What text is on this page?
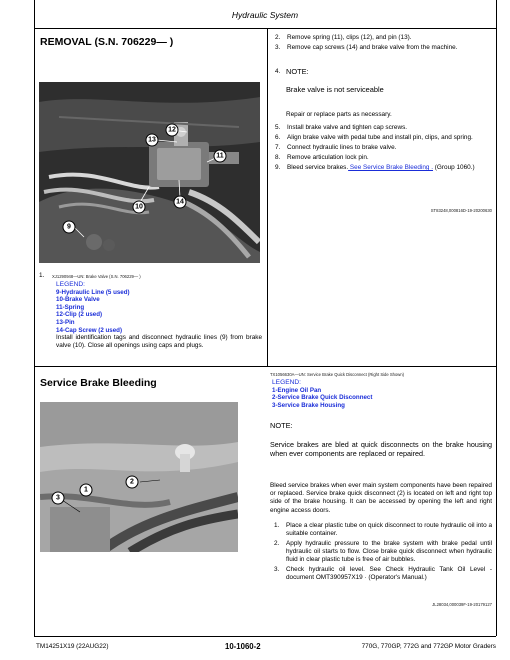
Hydraulic System
REMOVAL (S.N. 706229— )
12
13
11
14
10
9
1. XJ1290948—UN: Brake Valve (S.N. 706229— )
LEGEND:
9-Hydraulic Line (5 used)
10-Brake Valve
11-Spring
12-Clip (2 used)
13-Pin
14-Cap Screw (2 used)
Install identification tags and disconnect hydraulic lines (9) from brake valve (10). Close all openings using caps and plugs.
2. Remove spring (11), clips (12), and pin (13).
3. Remove cap screws (14) and brake valve from the machine.
4. NOTE:
Brake valve is not serviceable
Repair or replace parts as necessary.
5. Install brake valve and tighten cap screws.
6. Align brake valve with pedal tube and install pin, clips, and spring.
7. Connect hydraulic lines to brake valve.
8. Remove articulation lock pin.
9. Bleed service brakes. See Service Brake Bleeding . (Group 1060.)
ST83248,000816D-19-20200630
Service Brake Bleeding
1
2
3
TX1056630A—UN: Service Brake Quick Disconnect (Right Side Shown)
LEGEND:
1-Engine Oil Pan
2-Service Brake Quick Disconnect
3-Service Brake Housing
NOTE:
Service brakes are bled at quick disconnects on the brake housing when ever components are replaced or repaired.
Bleed service brakes when ever main system components have been repaired or replaced. Service brake quick disconnect (2) is located on left and right top side of the brake housing. It can be accessed by opening the left and right engine access doors.
1. Place a clear plastic tube on quick disconnect to route hydraulic oil into a suitable container.
2. Apply hydraulic pressure to the brake system with brake pedal until hydraulic oil starts to flow. Close brake quick disconnect when hydraulic fluid in clear plastic tube is free of air bubbles.
3. Check hydraulic oil level. See Check Hydraulic Tank Oil Level - document OMT390957X19 · (Operator's Manual.)
JL28034,000039F-19-20179127
TM14251X19 (22AUG22)	10-1060-2	770G, 770GP, 772G and 772GP Motor Graders
